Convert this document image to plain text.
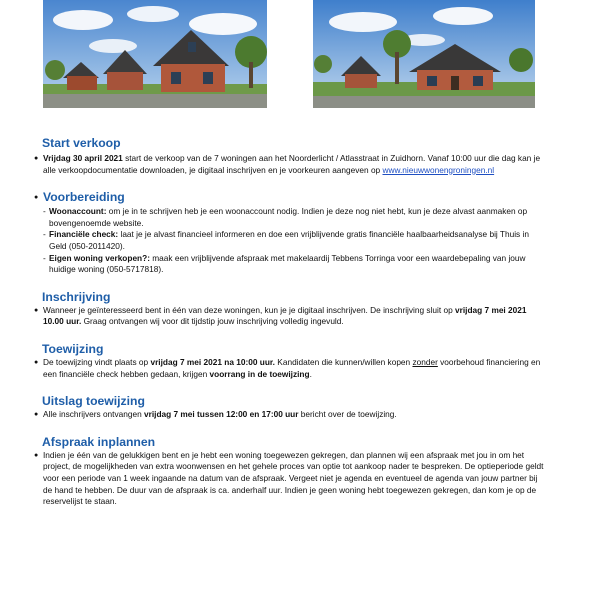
Start verkoop
● Vrijdag 30 april 2021 start de verkoop van de 7 woningen aan het Noorderlicht / Atlasstraat in Zuidhorn. Vanaf 10:00 uur die dag kan je alle verkoopdocumentatie downloaden, je digitaal inschrijven en je voorkeuren aangeven op www.nieuwwonengroningen.nl
● Voorbereiding
- Woonaccount: om je in te schrijven heb je een woonaccount nodig. Indien je deze nog niet hebt, kun je deze alvast aanmaken op bovengenoemde website.
- Financiële check: laat je je alvast financieel informeren en doe een vrijblijvende gratis financiële haalbaarheidsanalyse bij Thuis in Geld (050-2011420).
- Eigen woning verkopen?: maak een vrijblijvende afspraak met makelaardij Tebbens Torringa voor een waardebepaling van jouw huidige woning (050-5717818).
Inschrijving
● Wanneer je geïnteresseerd bent in één van deze woningen, kun je je digitaal inschrijven. De inschrijving sluit op vrijdag 7 mei 2021 10.00 uur. Graag ontvangen wij voor dit tijdstip jouw inschrijving volledig ingevuld.
Toewijzing
● De toewijzing vindt plaats op vrijdag 7 mei 2021 na 10:00 uur. Kandidaten die kunnen/willen kopen zonder voorbehoud financiering en een financiële check hebben gedaan, krijgen voorrang in de toewijzing.
Uitslag toewijzing
● Alle inschrijvers ontvangen vrijdag 7 mei tussen 12:00 en 17:00 uur bericht over de toewijzing.
Afspraak inplannen
● Indien je één van de gelukkigen bent en je hebt een woning toegewezen gekregen, dan plannen wij een afspraak met jou in om het project, de mogelijkheden van extra woonwensen en het gehele proces van optie tot aankoop nader te bespreken. De optieperiode geldt voor een periode van 1 week ingaande na datum van de afspraak. Vergeet niet je agenda en eventueel de agenda van jouw partner bij de hand te hebben. De duur van de afspraak is ca. anderhalf uur. Indien je geen woning hebt toegewezen gekregen, dan kom je op de reservelijst te staan.
